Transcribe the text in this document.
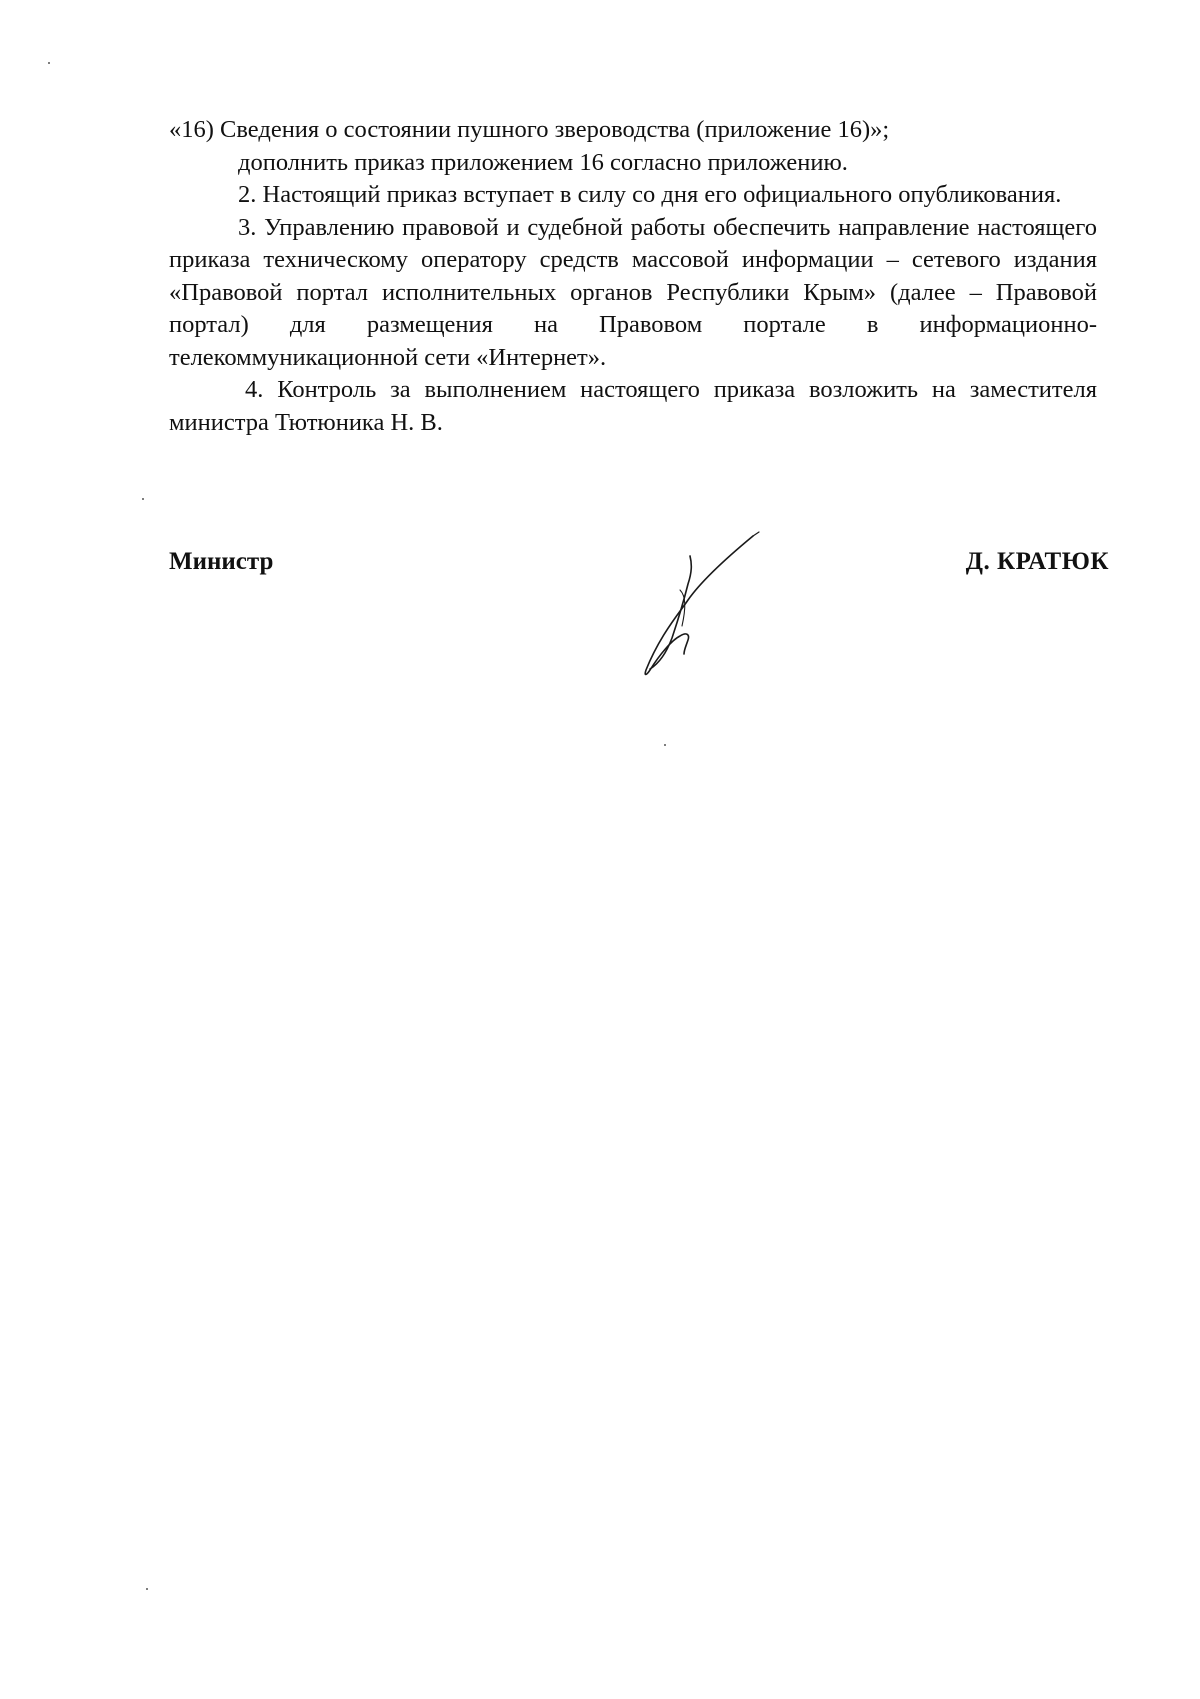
«16) Сведения о состоянии пушного звероводства (приложение 16)»;

дополнить приказ приложением 16 согласно приложению.

2. Настоящий приказ вступает в силу со дня его официального опубликования.

3. Управлению правовой и судебной работы обеспечить направление настоящего приказа техническому оператору средств массовой информации – сетевого издания «Правовой портал исполнительных органов Республики Крым» (далее – Правовой портал) для размещения на Правовом портале в информационно-телекоммуникационной сети «Интернет».

4. Контроль за выполнением настоящего приказа возложить на заместителя министра Тютюника Н. В.

Министр	Д. КРАТЮК
